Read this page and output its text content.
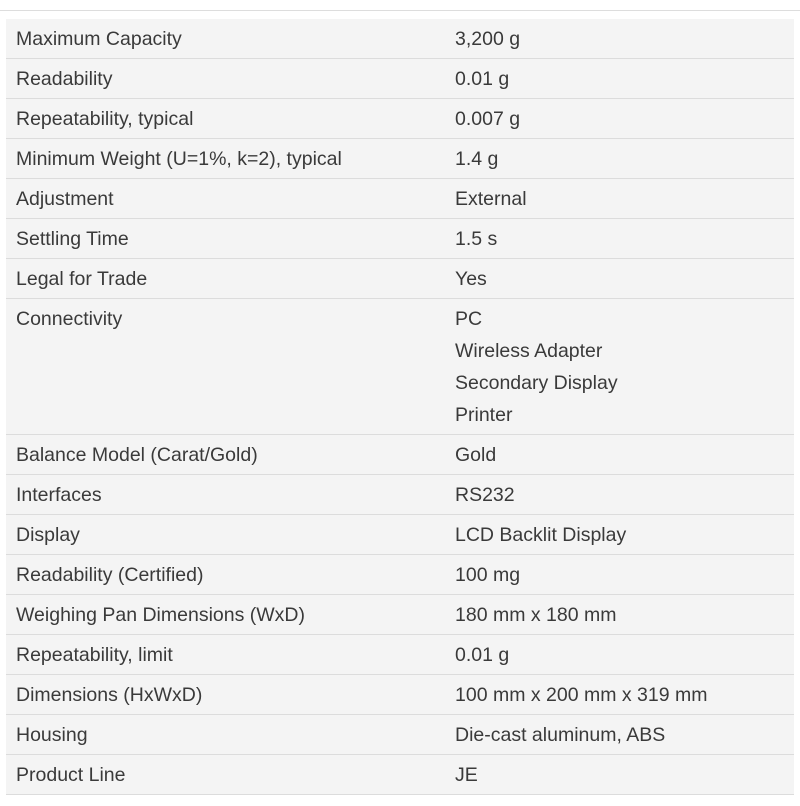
Maximum Capacity	3,200 g

Readability	0.01 g

Repeatability, typical	0.007 g

Minimum Weight (U=1%, k=2), typical	1.4 g

Adjustment	External

Settling Time	1.5 s

Legal for Trade	Yes

Connectivity	PC
Wireless Adapter
Secondary Display
Printer

Balance Model (Carat/Gold)	Gold

Interfaces	RS232

Display	LCD Backlit Display

Readability (Certified)	100 mg

Weighing Pan Dimensions (WxD)	180 mm x 180 mm

Repeatability, limit	0.01 g

Dimensions (HxWxD)	100 mm x 200 mm x 319 mm

Housing	Die-cast aluminum, ABS

Product Line	JE
